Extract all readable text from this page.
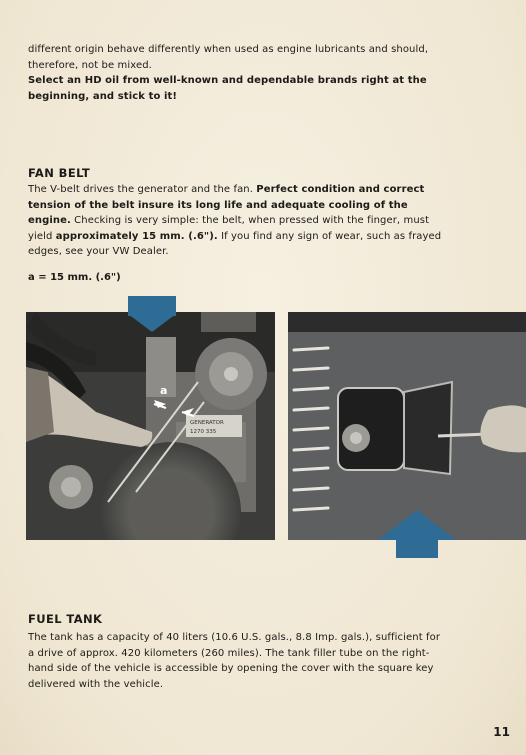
different origin behave differently when used as engine lubricants and should,
therefore, not be mixed.
Select an HD oil from well-known and dependable brands right at the beginning, and stick to it!

FAN BELT

The V-belt drives the generator and the fan. Perfect condition and correct tension of the belt insure its long life and adequate cooling of the engine. Checking is very simple: the belt, when pressed with the finger, must yield approximately 15 mm. (.6"). If you find any sign of wear, such as frayed edges, see your VW Dealer.

a = 15 mm. (.6")
GENERATOR
1270 335
a
FUEL TANK

The tank has a capacity of 40 liters (10.6 U.S. gals., 8.8 Imp. gals.), sufficient for a drive of approx. 420 kilometers (260 miles). The tank filler tube on the right-hand side of the vehicle is accessible by opening the cover with the square key delivered with the vehicle.

11
